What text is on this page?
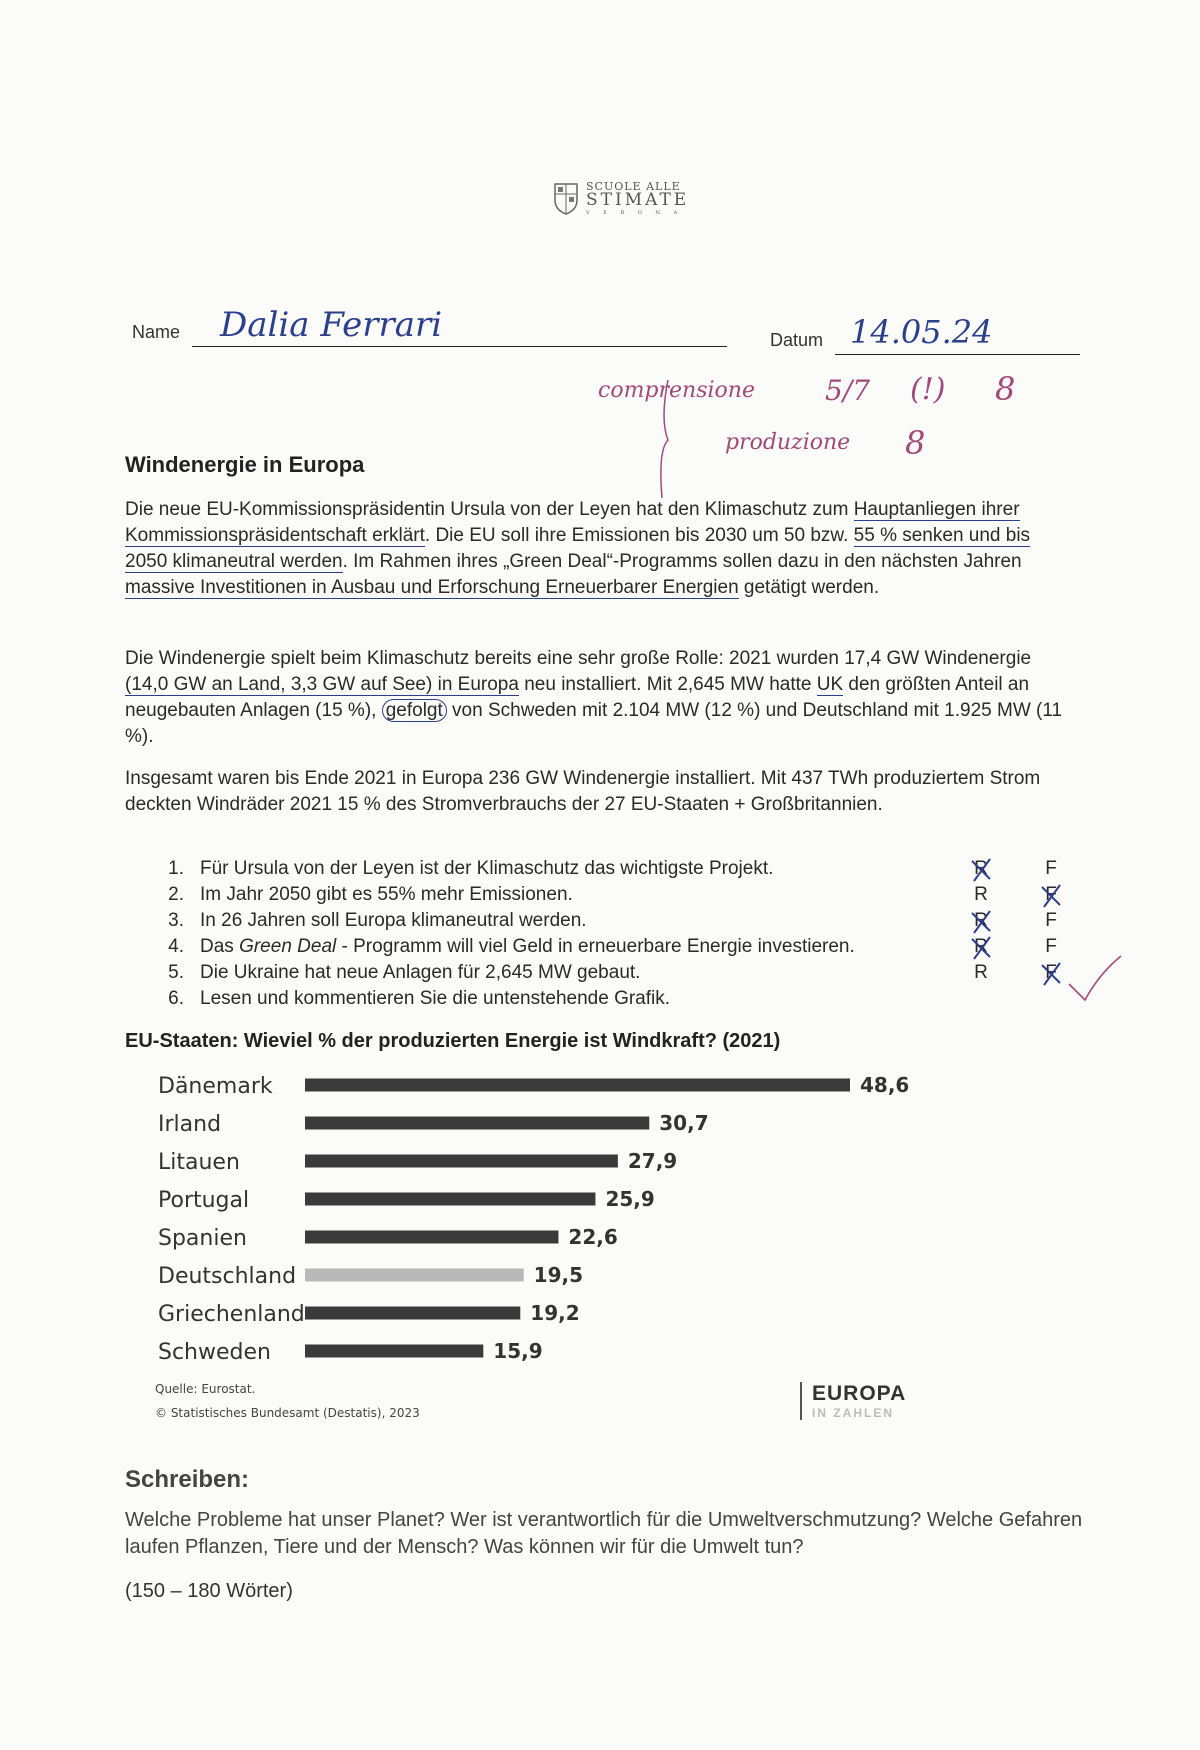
SCUOLE ALLE
STIMATE
V E R O N A
Name Dalia Ferrari	Datum 14.05.24
comprensione	5/7 (!) 8
produzione 8
Windenergie in Europa

Die neue EU-Kommissionspräsidentin Ursula von der Leyen hat den Klimaschutz zum Hauptanliegen ihrer Kommissionspräsidentschaft erklärt. Die EU soll ihre Emissionen bis 2030 um 50 bzw. 55 % senken und bis 2050 klimaneutral werden. Im Rahmen ihres „Green Deal“-Programms sollen dazu in den nächsten Jahren massive Investitionen in Ausbau und Erforschung Erneuerbarer Energien getätigt werden.

Die Windenergie spielt beim Klimaschutz bereits eine sehr große Rolle: 2021 wurden 17,4 GW Windenergie (14,0 GW an Land, 3,3 GW auf See) in Europa neu installiert. Mit 2,645 MW hatte UK den größten Anteil an neugebauten Anlagen (15 %), gefolgt von Schweden mit 2.104 MW (12 %) und Deutschland mit 1.925 MW (11 %).

Insgesamt waren bis Ende 2021 in Europa 236 GW Windenergie installiert. Mit 437 TWh produziertem Strom deckten Windräder 2021 15 % des Stromverbrauchs der 27 EU-Staaten + Großbritannien.

1. Für Ursula von der Leyen ist der Klimaschutz das wichtigste Projekt.	R	F
2. Im Jahr 2050 gibt es 55% mehr Emissionen.	R	F
3. In 26 Jahren soll Europa klimaneutral werden.	R	F
4. Das Green Deal - Programm will viel Geld in erneuerbare Energie investieren.	R	F
5. Die Ukraine hat neue Anlagen für 2,645 MW gebaut.	R	F
6. Lesen und kommentieren Sie die untenstehende Grafik.
EU-Staaten: Wieviel % der produzierten Energie ist Windkraft? (2021)
Dänemark	48,6
Irland	30,7
Litauen	27,9
Portugal	25,9
Spanien	22,6
Deutschland	19,5
Griechenland	19,2
Schweden	15,9
Quelle: Eurostat.
© Statistisches Bundesamt (Destatis), 2023
EUROPA
IN ZAHLEN
Schreiben:

Welche Probleme hat unser Planet? Wer ist verantwortlich für die Umweltverschmutzung? Welche Gefahren laufen Pflanzen, Tiere und der Mensch? Was können wir für die Umwelt tun?

(150 – 180 Wörter)
